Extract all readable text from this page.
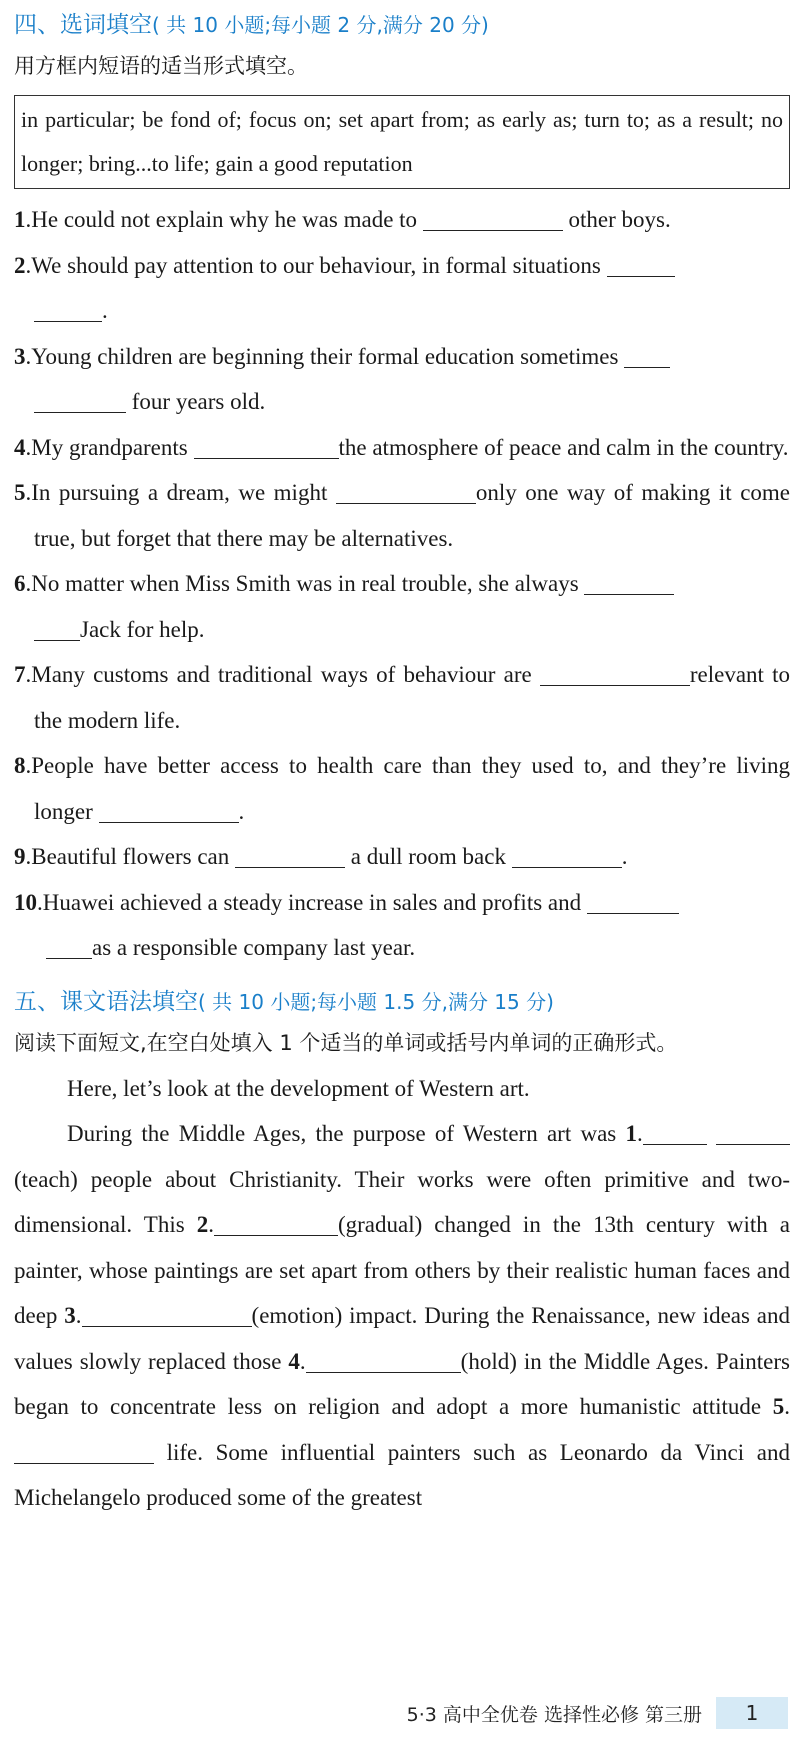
四、选词填空( 共 10 小题;每小题 2 分,满分 20 分)
用方框内短语的适当形式填空。
in particular; be fond of; focus on; set apart from; as early as; turn to; as a result; no longer; bring...to life; gain a good reputation
1.He could not explain why he was made to	other boys.
2.We should pay attention to our behaviour, in formal situations
.
3.Young children are beginning their formal education sometimes
four years old.
4.My grandparents	the atmosphere of peace and calm in the country.
5.In pursuing a dream, we might	only one way of making it come true, but forget that there may be alternatives.
6.No matter when Miss Smith was in real trouble, she always
Jack for help.
7.Many customs and traditional ways of behaviour are	relevant to the modern life.
8.People have better access to health care than they used to, and they’re living longer	.
9.Beautiful flowers can	a dull room back	.
10.Huawei achieved a steady increase in sales and profits and
as a responsible company last year.
五、课文语法填空( 共 10 小题;每小题 1.5 分,满分 15 分)
阅读下面短文,在空白处填入 1 个适当的单词或括号内单词的正确形式。

Here, let’s look at the development of Western art.

During the Middle Ages, the purpose of Western art was 1. (teach) people about Christianity. Their works were often primitive and two-dimensional. This 2.	(gradual) changed in the 13th century with a painter, whose paintings are set apart from others by their realistic human faces and deep 3.	(emotion) impact. During the Renaissance, new ideas and values slowly replaced those 4.	(hold) in the Middle Ages. Painters began to concentrate less on religion and adopt a more humanistic attitude 5. life. Some influential painters such as Leonardo da Vinci and Michelangelo produced some of the greatest

5·3 高中全优卷 选择性必修 第三册	1
